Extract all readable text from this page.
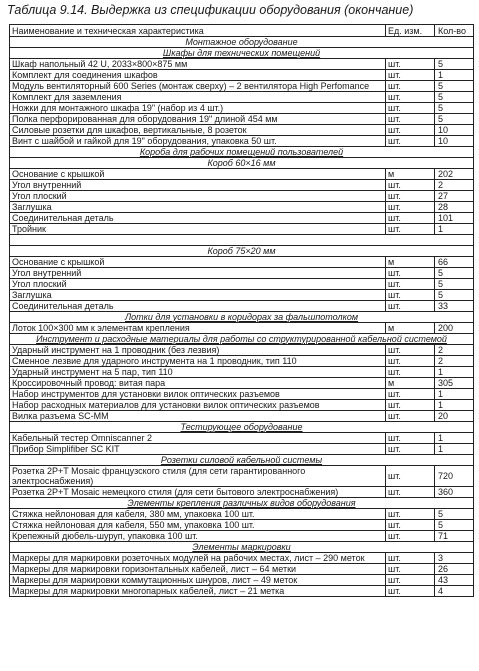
Таблица 9.14. Выдержка из спецификации оборудования (окончание)
Наименование и техническая характеристика	Ед. изм.	Кол-во
Монтажное оборудование		
Шкафы для технических помещений		
Шкаф напольный 42 U, 2033×800×875 мм	шт.	5
Комплект для соединения шкафов	шт.	1
Модуль вентиляторный 600 Series (монтаж сверху) – 2 вентилятора High Perfomance	шт.	5
Комплект для заземления	шт.	5
Ножки для монтажного шкафа 19" (набор из 4 шт.)	шт.	5
Полка перфорированная для оборудования 19" длиной 454 мм	шт.	5
Силовые розетки для шкафов, вертикальные, 8 розеток	шт.	10
Винт с шайбой и гайкой для 19" оборудования, упаковка 50 шт.	шт.	10
Короба для рабочих помещений пользователей		
Короб 60×16 мм		
Основание с крышкой	м	202
Угол внутренний	шт.	2
Угол плоский	шт.	27
Заглушка	шт.	28
Соединительная деталь	шт.	101
Тройник	шт.	1

Короб 75×20 мм		
Основание с крышкой	м	66
Угол внутренний	шт.	5
Угол плоский	шт.	5
Заглушка	шт.	5
Соединительная деталь	шт.	33
Лотки для установки в коридорах за фальшпотолком		
Лоток 100×300 мм к элементам крепления	м	200
Инструмент и расходные материалы для работы со структурированной кабельной системой		
Ударный инструмент на 1 проводник (без лезвия)	шт.	2
Сменное лезвие для ударного инструмента на 1 проводник, тип 110	шт.	2
Ударный инструмент на 5 пар, тип 110	шт.	1
Кроссировочный провод: витая пара	м	305
Набор инструментов для установки вилок оптических разъемов	шт.	1
Набор расходных материалов для установки вилок оптических разъемов	шт.	1
Вилка разъема SC-MM	шт.	20
Тестирующее оборудование		
Кабельный тестер Omniscanner 2	шт.	1
Прибор Simplifiber SC KIT	шт.	1
Розетки силовой кабельной системы		
Розетка 2P+T Mosaic французского стиля (для сети гарантированного электроснабжения)	шт.	720
Розетка 2P+T Mosaic немецкого стиля (для сети бытового электроснабжения)	шт.	360
Элементы крепления различных видов оборудования		
Стяжка нейлоновая для кабеля, 380 мм, упаковка 100 шт.	шт.	5
Стяжка нейлоновая для кабеля, 550 мм, упаковка 100 шт.	шт.	5
Крепежный дюбель-шуруп, упаковка 100 шт.	шт.	71
Элементы маркировки		
Маркеры для маркировки розеточных модулей на рабочих местах, лист – 290 меток	шт.	3
Маркеры для маркировки горизонтальных кабелей, лист – 64 метки	шт.	26
Маркеры для маркировки коммутационных шнуров, лист – 49 меток	шт.	43
Маркеры для маркировки многопарных кабелей, лист – 21 метка	шт.	4
